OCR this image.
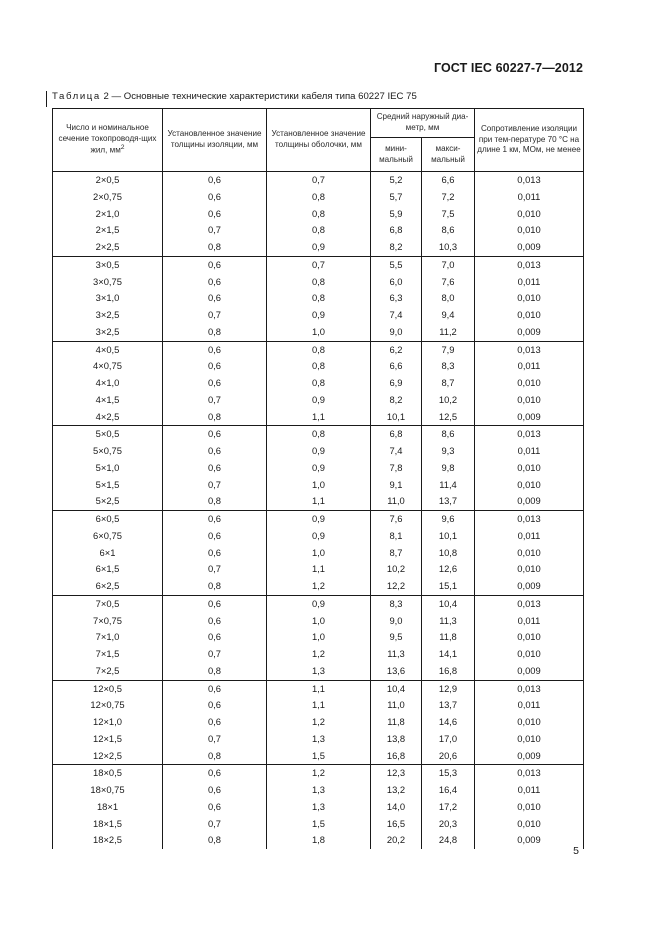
ГОСТ IEC 60227-7—2012
Таблица 2 — Основные технические характеристики кабеля типа 60227 IEC 75
Число и номинальное сечение токопроводя-щих жил, $мм^2$	Установленное значение толщины изоляции, мм	Установленное значение толщины оболочки, мм	Средний наружный диа-метр, мм		Сопротивление изоляции при тем-пературе 70 °С на длине 1 км, МОм, не менее
			мини-мальный	макси-мальный	
2×0,5	0,6	0,7	5,2	6,6	0,013
2×0,75	0,6	0,8	5,7	7,2	0,011
2×1,0	0,6	0,8	5,9	7,5	0,010
2×1,5	0,7	0,8	6,8	8,6	0,010
2×2,5	0,8	0,9	8,2	10,3	0,009
3×0,5	0,6	0,7	5,5	7,0	0,013
3×0,75	0,6	0,8	6,0	7,6	0,011
3×1,0	0,6	0,8	6,3	8,0	0,010
3×2,5	0,7	0,9	7,4	9,4	0,010
3×2,5	0,8	1,0	9,0	11,2	0,009
4×0,5	0,6	0,8	6,2	7,9	0,013
4×0,75	0,6	0,8	6,6	8,3	0,011
4×1,0	0,6	0,8	6,9	8,7	0,010
4×1,5	0,7	0,9	8,2	10,2	0,010
4×2,5	0,8	1,1	10,1	12,5	0,009
5×0,5	0,6	0,8	6,8	8,6	0,013
5×0,75	0,6	0,9	7,4	9,3	0,011
5×1,0	0,6	0,9	7,8	9,8	0,010
5×1,5	0,7	1,0	9,1	11,4	0,010
5×2,5	0,8	1,1	11,0	13,7	0,009
6×0,5	0,6	0,9	7,6	9,6	0,013
6×0,75	0,6	0,9	8,1	10,1	0,011
6×1	0,6	1,0	8,7	10,8	0,010
6×1,5	0,7	1,1	10,2	12,6	0,010
6×2,5	0,8	1,2	12,2	15,1	0,009
7×0,5	0,6	0,9	8,3	10,4	0,013
7×0,75	0,6	1,0	9,0	11,3	0,011
7×1,0	0,6	1,0	9,5	11,8	0,010
7×1,5	0,7	1,2	11,3	14,1	0,010
7×2,5	0,8	1,3	13,6	16,8	0,009
12×0,5	0,6	1,1	10,4	12,9	0,013
12×0,75	0,6	1,1	11,0	13,7	0,011
12×1,0	0,6	1,2	11,8	14,6	0,010
12×1,5	0,7	1,3	13,8	17,0	0,010
12×2,5	0,8	1,5	16,8	20,6	0,009
18×0,5	0,6	1,2	12,3	15,3	0,013
18×0,75	0,6	1,3	13,2	16,4	0,011
18×1	0,6	1,3	14,0	17,2	0,010
18×1,5	0,7	1,5	16,5	20,3	0,010
18×2,5	0,8	1,8	20,2	24,8	0,009
5
